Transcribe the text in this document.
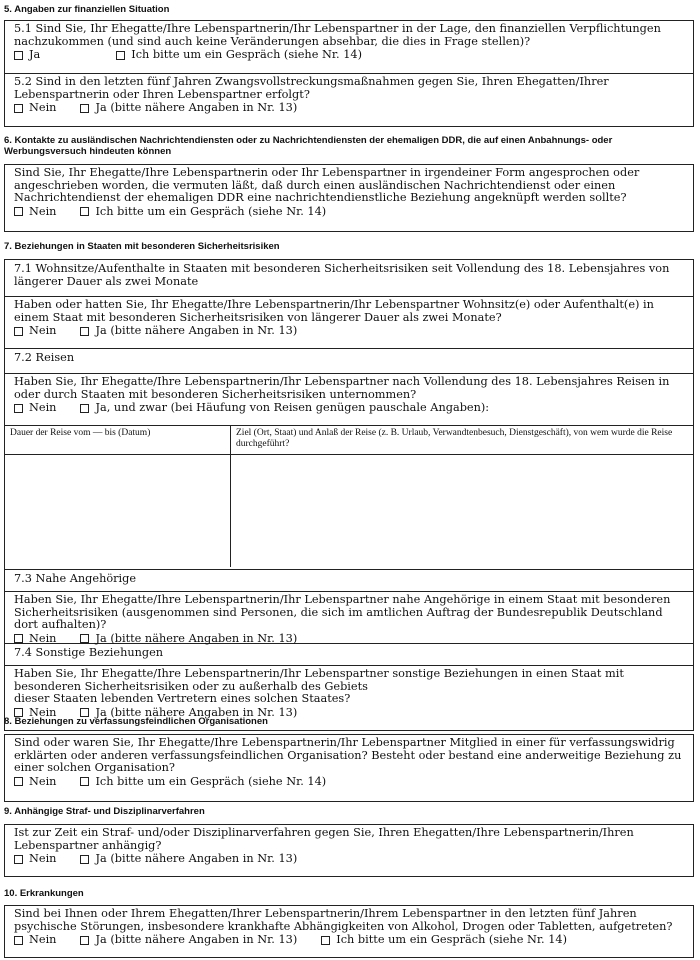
5. Angaben zur finanziellen Situation

5.1 Sind Sie, Ihr Ehegatte/Ihre Lebenspartnerin/Ihr Lebenspartner in der Lage, den finanziellen Verpflichtungen nachzukommen (und sind auch keine Veränderungen absehbar, die dies in Frage stellen)?

Ja	Ich bitte um ein Gespräch (siehe Nr. 14)

5.2 Sind in den letzten fünf Jahren Zwangsvollstreckungsmaßnahmen gegen Sie, Ihren Ehegatten/Ihrer Lebenspartnerin oder Ihren Lebenspartner erfolgt?

Nein	Ja (bitte nähere Angaben in Nr. 13)
6. Kontakte zu ausländischen Nachrichtendiensten oder zu Nachrichtendiensten der ehemaligen DDR, die auf einen Anbahnungs- oder Werbungsversuch hindeuten können

Sind Sie, Ihr Ehegatte/Ihre Lebenspartnerin oder Ihr Lebenspartner in irgendeiner Form angesprochen oder angeschrieben worden, die vermuten läßt, daß durch einen ausländischen Nachrichtendienst oder einen Nachrichtendienst der ehemaligen DDR eine nachrichtendienstliche Beziehung angeknüpft werden sollte?

Nein	Ich bitte um ein Gespräch (siehe Nr. 14)
7. Beziehungen in Staaten mit besonderen Sicherheitsrisiken
7.1 Wohnsitze/Aufenthalte in Staaten mit besonderen Sicherheitsrisiken seit Vollendung des 18. Lebensjahres von längerer Dauer als zwei Monate

Haben oder hatten Sie, Ihr Ehegatte/Ihre Lebenspartnerin/Ihr Lebenspartner Wohnsitz(e) oder Aufenthalt(e) in einem Staat mit besonderen Sicherheitsrisiken von längerer Dauer als zwei Monate?

Nein	Ja (bitte nähere Angaben in Nr. 13)
7.2 Reisen

Haben Sie, Ihr Ehegatte/Ihre Lebenspartnerin/Ihr Lebenspartner nach Vollendung des 18. Lebensjahres Reisen in oder durch Staaten mit besonderen Sicherheitsrisiken unternommen?

Nein	Ja, und zwar (bei Häufung von Reisen genügen pauschale Angaben):
Dauer der Reise vom — bis (Datum)	Ziel (Ort, Staat) und Anlaß der Reise (z. B. Urlaub, Verwandtenbesuch, Dienstgeschäft), von wem wurde die Reise durchgeführt?

7.3 Nahe Angehörige

Haben Sie, Ihr Ehegatte/Ihre Lebenspartnerin/Ihr Lebenspartner nahe Angehörige in einem Staat mit besonderen Sicherheitsrisiken (ausgenommen sind Personen, die sich im amtlichen Auftrag der Bundesrepublik Deutschland dort aufhalten)?

Nein	Ja (bitte nähere Angaben in Nr. 13)
7.4 Sonstige Beziehungen

Haben Sie, Ihr Ehegatte/Ihre Lebenspartnerin/Ihr Lebenspartner sonstige Beziehungen in einen Staat mit besonderen Sicherheitsrisiken oder zu außerhalb des Gebiets

dieser Staaten lebenden Vertretern eines solchen Staates?

Nein	Ja (bitte nähere Angaben in Nr. 13)
8. Beziehungen zu verfassungsfeindlichen Organisationen

Sind oder waren Sie, Ihr Ehegatte/Ihre Lebenspartnerin/Ihr Lebenspartner Mitglied in einer für verfassungswidrig erklärten oder anderen verfassungsfeindlichen Organisation? Besteht oder bestand eine anderweitige Beziehung zu einer solchen Organisation?

Nein	Ich bitte um ein Gespräch (siehe Nr. 14)
9. Anhängige Straf- und Disziplinarverfahren

Ist zur Zeit ein Straf- und/oder Disziplinarverfahren gegen Sie, Ihren Ehegatten/Ihre Lebenspartnerin/Ihren Lebenspartner anhängig?

Nein	Ja (bitte nähere Angaben in Nr. 13)
10. Erkrankungen

Sind bei Ihnen oder Ihrem Ehegatten/Ihrer Lebenspartnerin/Ihrem Lebenspartner in den letzten fünf Jahren psychische Störungen, insbesondere krankhafte Abhängigkeiten von Alkohol, Drogen oder Tabletten, aufgetreten?

Nein	Ja (bitte nähere Angaben in Nr. 13)	Ich bitte um ein Gespräch (siehe Nr. 14)
